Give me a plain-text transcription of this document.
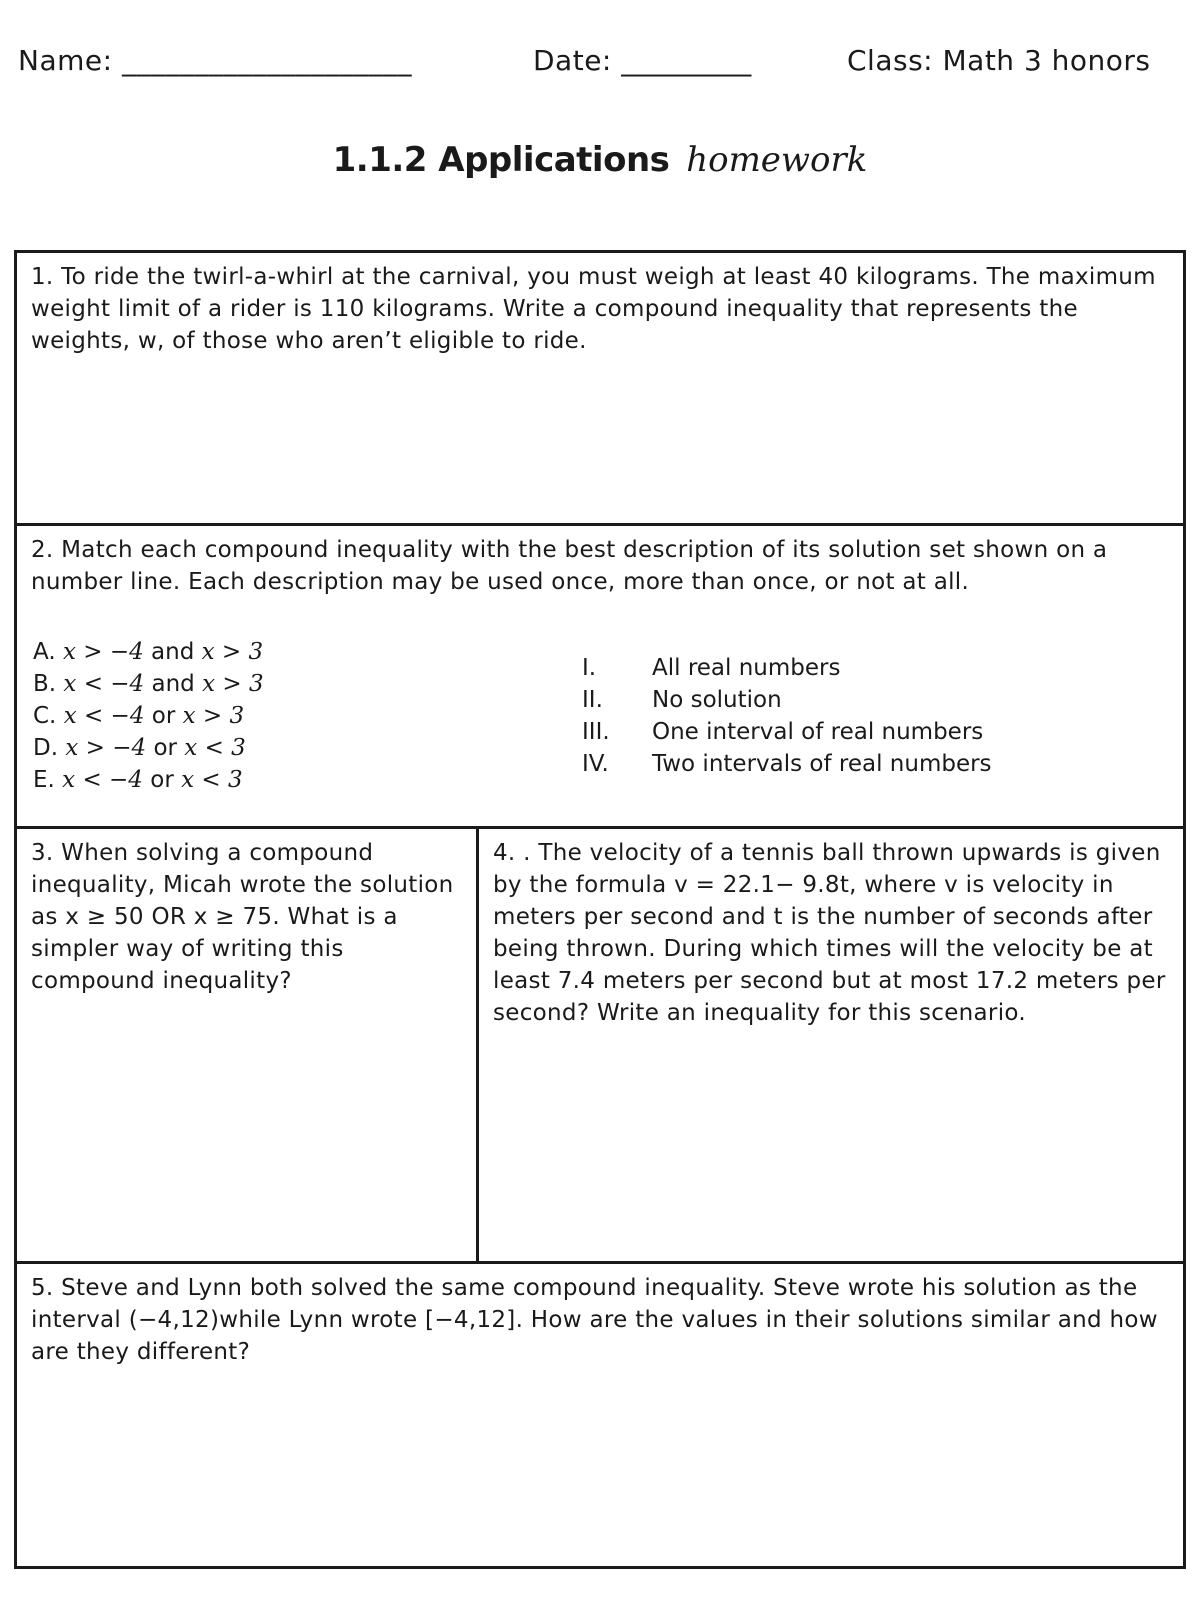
Name: ____________________	Date: _________	Class: Math 3 honors
1.1.2 Applications homework
1. To ride the twirl-a-whirl at the carnival, you must weigh at least 40 kilograms. The maximum weight limit of a rider is 110 kilograms. Write a compound inequality that represents the weights, w, of those who aren’t eligible to ride.
2. Match each compound inequality with the best description of its solution set shown on a number line. Each description may be used once, more than once, or not at all.
A. x > −4 and x > 3
B. x < −4 and x > 3
C. x < −4 or x > 3
D. x > −4 or x < 3
E. x < −4 or x < 3
I. All real numbers
II. No solution
III. One interval of real numbers
IV. Two intervals of real numbers
3. When solving a compound inequality, Micah wrote the solution as x ≥ 50 OR x ≥ 75. What is a simpler way of writing this compound inequality?
4. . The velocity of a tennis ball thrown upwards is given by the formula v = 22.1− 9.8t, where v is velocity in meters per second and t is the number of seconds after being thrown. During which times will the velocity be at least 7.4 meters per second but at most 17.2 meters per second? Write an inequality for this scenario.
5. Steve and Lynn both solved the same compound inequality. Steve wrote his solution as the interval (−4,12)while Lynn wrote [−4,12]. How are the values in their solutions similar and how are they different?
